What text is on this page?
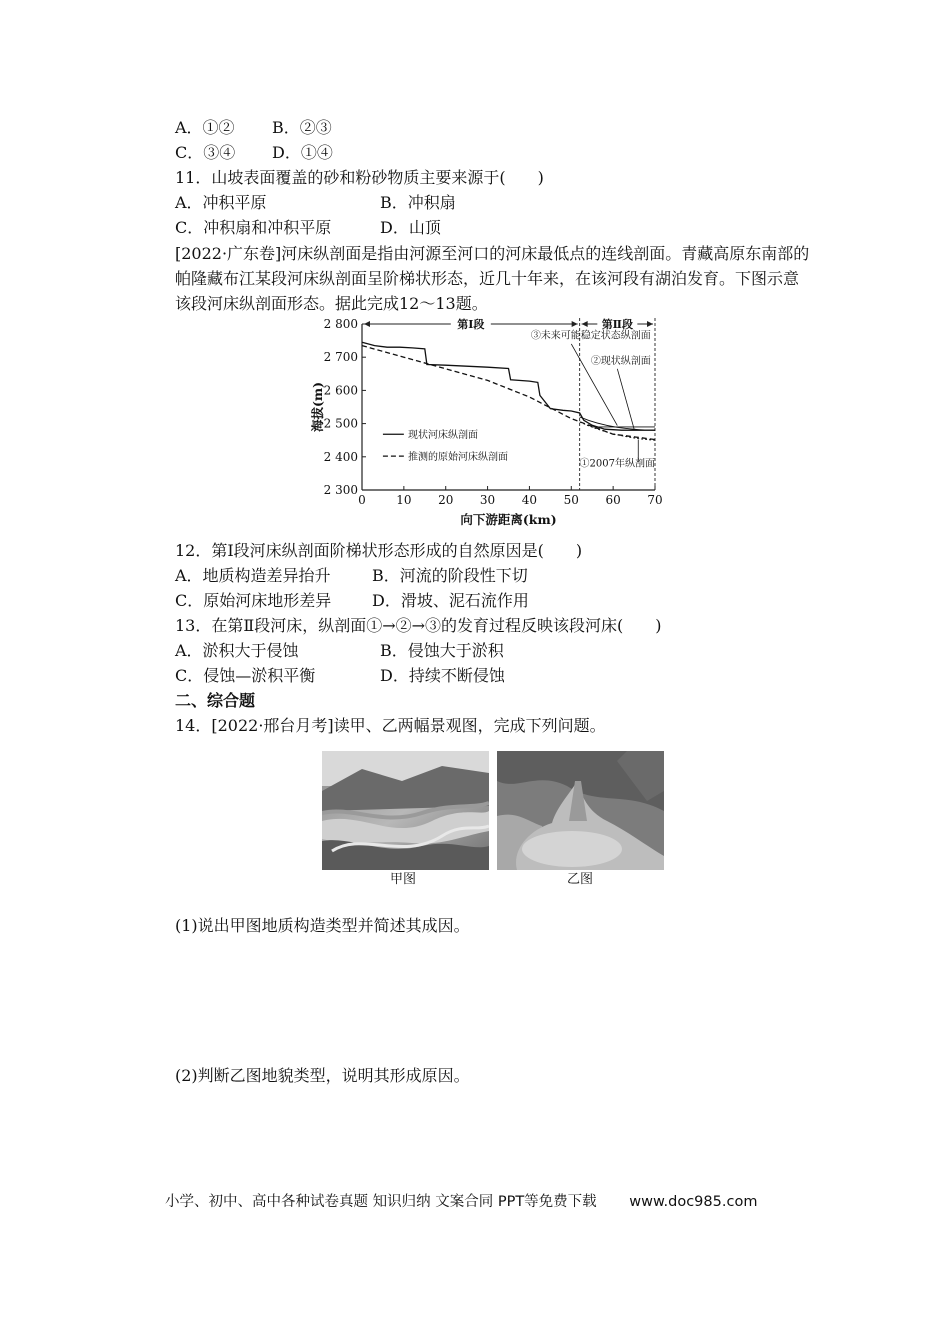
A．①② B．②③
C．③④ D．①④
11．山坡表面覆盖的砂和粉砂物质主要来源于(　　)
A．冲积平原	B．冲积扇
C．冲积扇和冲积平原	D．山顶
[2022·广东卷]河床纵剖面是指由河源至河口的河床最低点的连线剖面。青藏高原东南部的帕隆藏布江某段河床纵剖面呈阶梯状形态，近几十年来，在该河段有湖泊发育。下图示意该段河床纵剖面形态。据此完成12～13题。
0	10 20 30 40 50 60 70
2 300
2 400
2 500
2 600
2 700
2 800
向下游距离(km)
海拔(m)
第Ⅰ段	第Ⅱ段
现状河床纵剖面
推测的原始河床纵剖面
③未来可能稳定状态纵剖面
②现状纵剖面
①2007年纵剖面
12．第Ⅰ段河床纵剖面阶梯状形态形成的自然原因是(　　)
A．地质构造差异抬升	B．河流的阶段性下切
C．原始河床地形差异	D．滑坡、泥石流作用
13．在第Ⅱ段河床，纵剖面①→②→③的发育过程反映该段河床(　　)
A．淤积大于侵蚀	B．侵蚀大于淤积
C．侵蚀—淤积平衡	D．持续不断侵蚀
二、综合题
14．[2022·邢台月考]读甲、乙两幅景观图，完成下列问题。
甲图	乙图
(1)说出甲图地质构造类型并简述其成因。
(2)判断乙图地貌类型，说明其形成原因。
小学、初中、高中各种试卷真题 知识归纳 文案合同 PPT等免费下载 www.doc985.com
